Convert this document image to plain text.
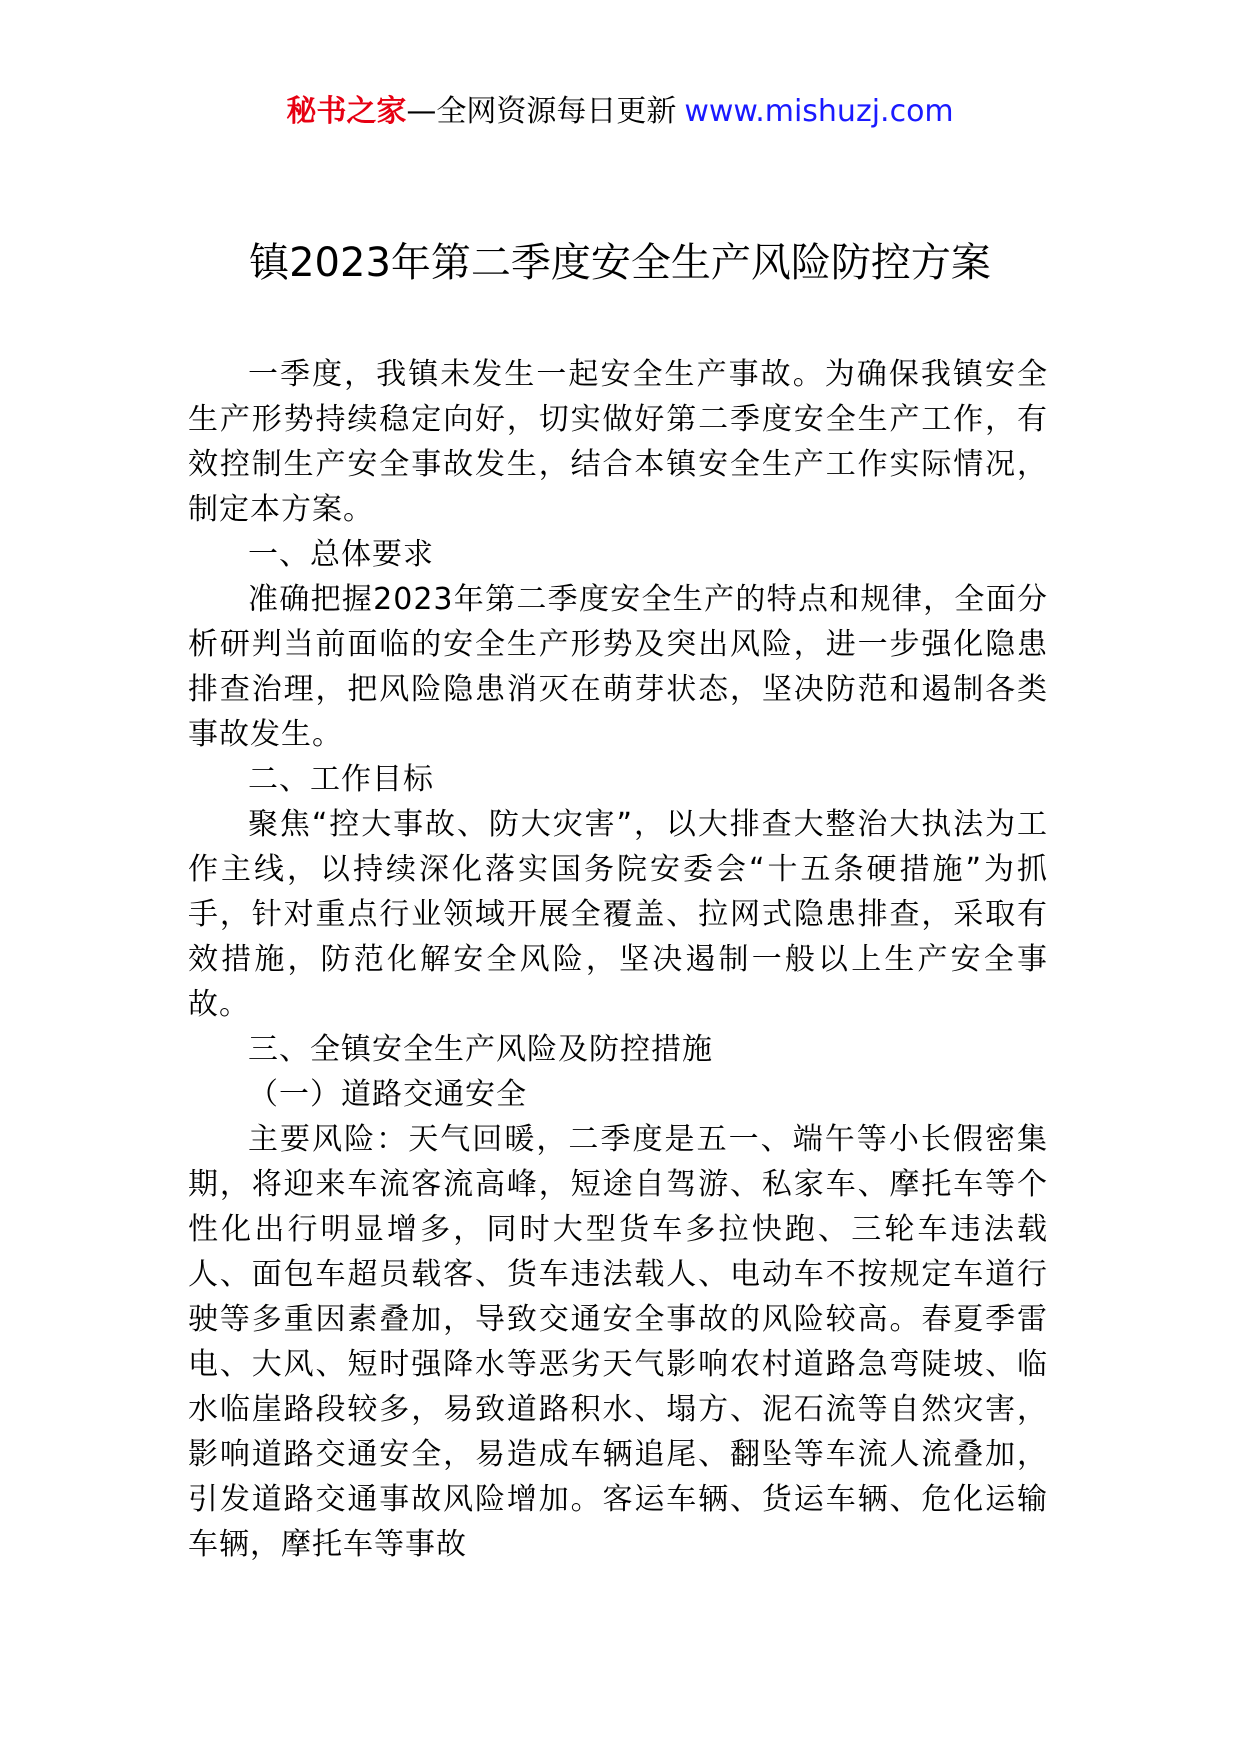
秘书之家—全网资源每日更新 www.mishuzj.com
镇2023年第二季度安全生产风险防控方案

一季度，我镇未发生一起安全生产事故。为确保我镇安全生产形势持续稳定向好，切实做好第二季度安全生产工作，有效控制生产安全事故发生，结合本镇安全生产工作实际情况，制定本方案。

一、总体要求

准确把握2023年第二季度安全生产的特点和规律，全面分析研判当前面临的安全生产形势及突出风险，进一步强化隐患排查治理，把风险隐患消灭在萌芽状态，坚决防范和遏制各类事故发生。

二、工作目标

聚焦“控大事故、防大灾害”，以大排查大整治大执法为工作主线，以持续深化落实国务院安委会“十五条硬措施”为抓手，针对重点行业领域开展全覆盖、拉网式隐患排查，采取有效措施，防范化解安全风险，坚决遏制一般以上生产安全事故。

三、全镇安全生产风险及防控措施

（一）道路交通安全

主要风险：天气回暖，二季度是五一、端午等小长假密集期，将迎来车流客流高峰，短途自驾游、私家车、摩托车等个性化出行明显增多，同时大型货车多拉快跑、三轮车违法载人、面包车超员载客、货车违法载人、电动车不按规定车道行驶等多重因素叠加，导致交通安全事故的风险较高。春夏季雷电、大风、短时强降水等恶劣天气影响农村道路急弯陡坡、临水临崖路段较多，易致道路积水、塌方、泥石流等自然灾害，影响道路交通安全，易造成车辆追尾、翻坠等车流人流叠加，引发道路交通事故风险增加。客运车辆、货运车辆、危化运输车辆，摩托车等事故
